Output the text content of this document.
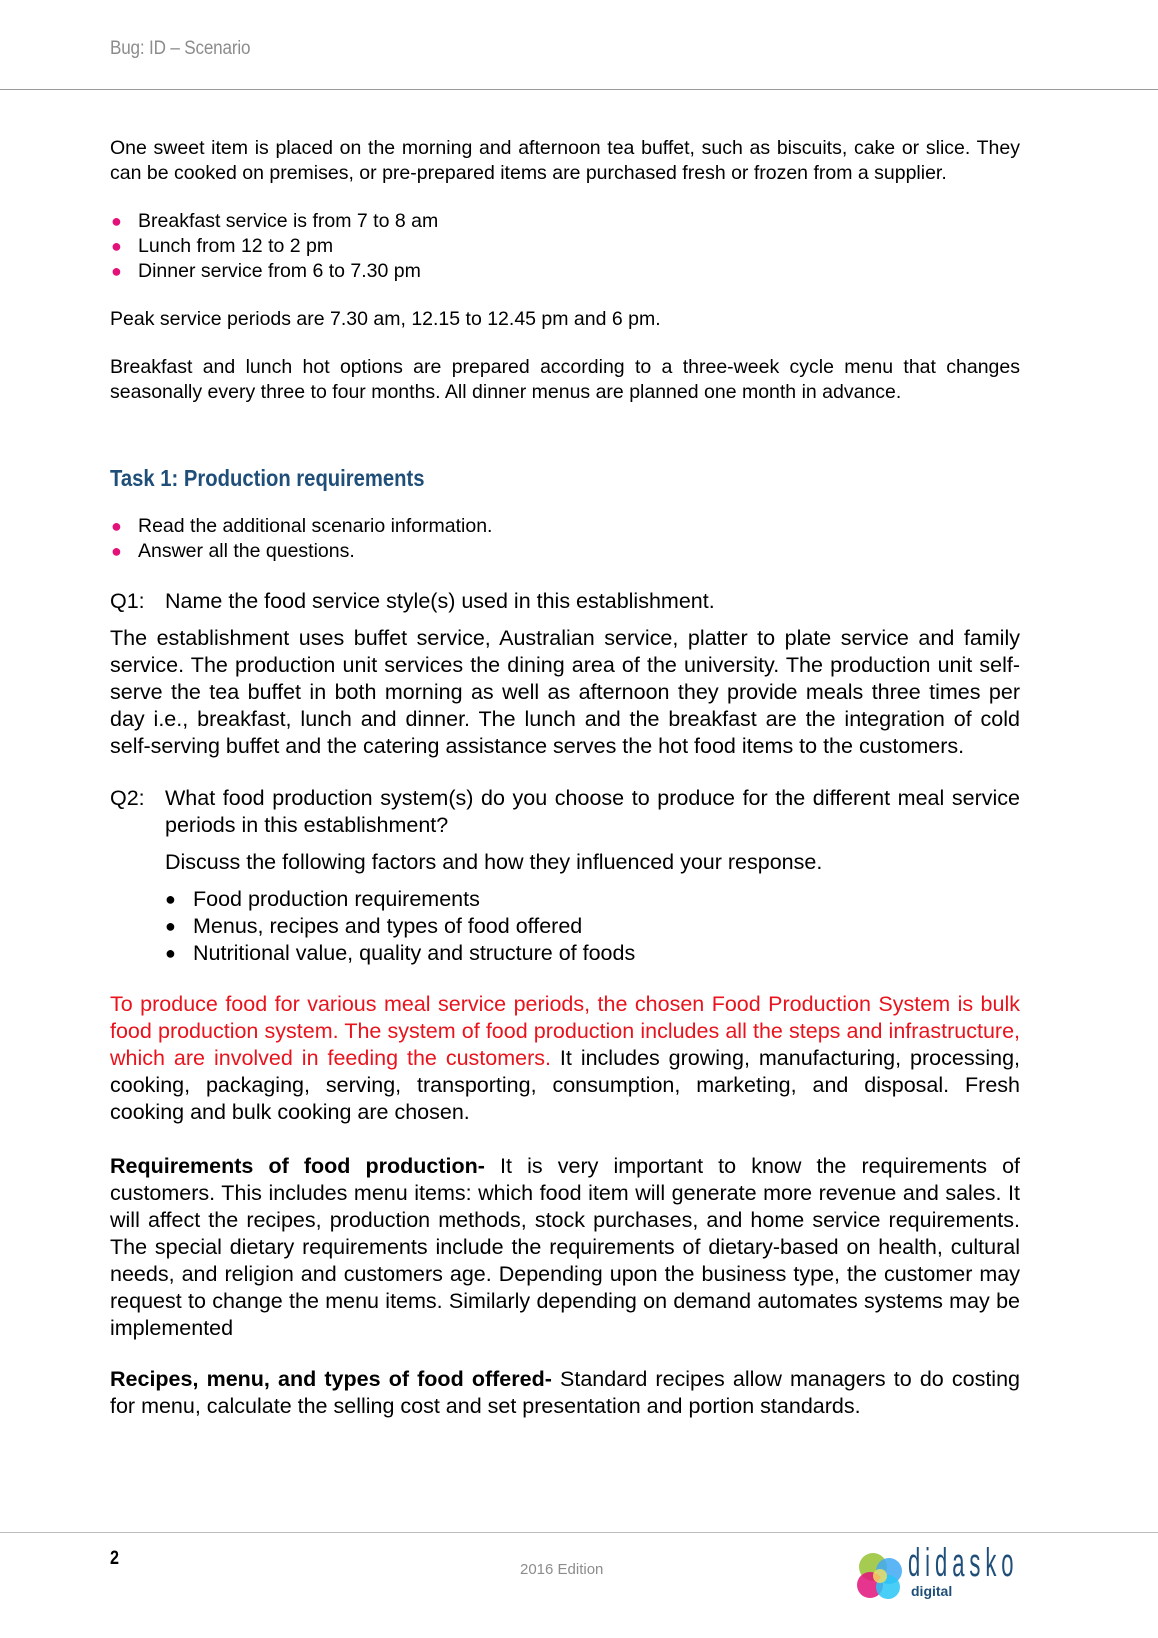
Bug: ID – Scenario

One sweet item is placed on the morning and afternoon tea buffet, such as biscuits, cake or slice. They can be cooked on premises, or pre-prepared items are purchased fresh or frozen from a supplier.

● Breakfast service is from 7 to 8 am
● Lunch from 12 to 2 pm
● Dinner service from 6 to 7.30 pm

Peak service periods are 7.30 am, 12.15 to 12.45 pm and 6 pm.

Breakfast and lunch hot options are prepared according to a three-week cycle menu that changes seasonally every three to four months. All dinner menus are planned one month in advance.

Task 1: Production requirements
● Read the additional scenario information.
● Answer all the questions.
Q1: Name the food service style(s) used in this establishment.

The establishment uses buffet service, Australian service, platter to plate service and family service. The production unit services the dining area of the university. The production unit self-serve the tea buffet in both morning as well as afternoon they provide meals three times per day i.e., breakfast, lunch and dinner. The lunch and the breakfast are the integration of cold self-serving buffet and the catering assistance serves the hot food items to the customers.

Q2: What food production system(s) do you choose to produce for the different meal service periods in this establishment?

Discuss the following factors and how they influenced your response.

● Food production requirements
● Menus, recipes and types of food offered
● Nutritional value, quality and structure of foods

To produce food for various meal service periods, the chosen Food Production System is bulk food production system. The system of food production includes all the steps and infrastructure, which are involved in feeding the customers. It includes growing, manufacturing, processing, cooking, packaging, serving, transporting, consumption, marketing, and disposal. Fresh cooking and bulk cooking are chosen.

Requirements of food production- It is very important to know the requirements of customers. This includes menu items: which food item will generate more revenue and sales. It will affect the recipes, production methods, stock purchases, and home service requirements. The special dietary requirements include the requirements of dietary-based on health, cultural needs, and religion and customers age. Depending upon the business type, the customer may request to change the menu items. Similarly depending on demand automates systems may be implemented

Recipes, menu, and types of food offered- Standard recipes allow managers to do costing for menu, calculate the selling cost and set presentation and portion standards.

2
2016 Edition	didasko
digital
